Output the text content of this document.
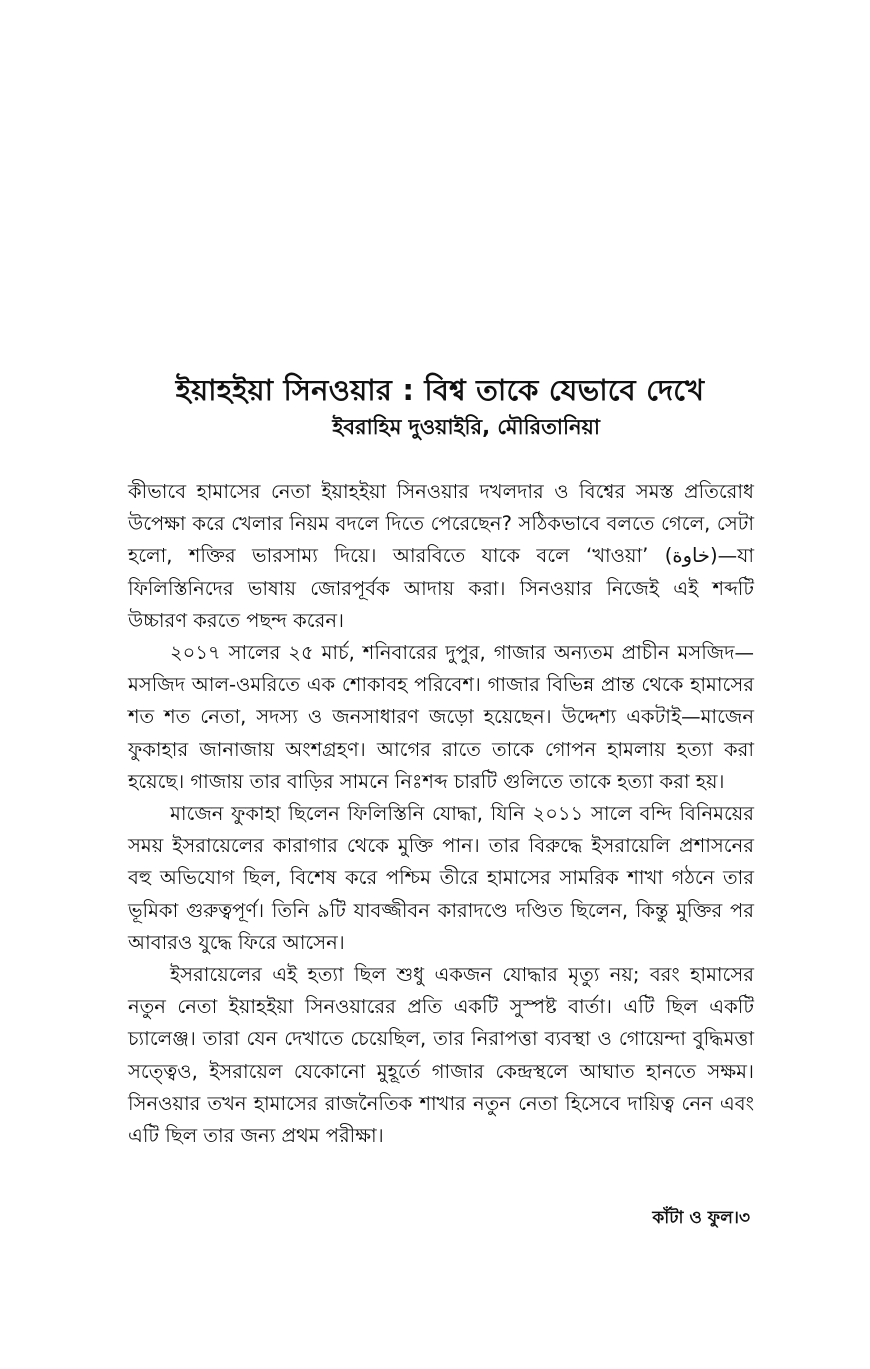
ইয়াহইয়া সিনওয়ার : বিশ্ব তাকে যেভাবে দেখে
ইবরাহিম দুওয়াইরি, মৌরিতানিয়া

কীভাবে হামাসের নেতা ইয়াহইয়া সিনওয়ার দখলদার ও বিশ্বের সমস্ত প্রতিরোধ উপেক্ষা করে খেলার নিয়ম বদলে দিতে পেরেছেন? সঠিকভাবে বলতে গেলে, সেটা হলো, শক্তির ভারসাম্য দিয়ে। আরবিতে যাকে বলে ‘খাওয়া’ (خاوة)—যা ফিলিস্তিনিদের ভাষায় জোরপূর্বক আদায় করা। সিনওয়ার নিজেই এই শব্দটি উচ্চারণ করতে পছন্দ করেন।

২০১৭ সালের ২৫ মার্চ, শনিবারের দুপুর, গাজার অন্যতম প্রাচীন মসজিদ—মসজিদ আল-ওমরিতে এক শোকাবহ পরিবেশ। গাজার বিভিন্ন প্রান্ত থেকে হামাসের শত শত নেতা, সদস্য ও জনসাধারণ জড়ো হয়েছেন। উদ্দেশ্য একটাই—মাজেন ফুকাহার জানাজায় অংশগ্রহণ। আগের রাতে তাকে গোপন হামলায় হত্যা করা হয়েছে। গাজায় তার বাড়ির সামনে নিঃশব্দ চারটি গুলিতে তাকে হত্যা করা হয়।

মাজেন ফুকাহা ছিলেন ফিলিস্তিনি যোদ্ধা, যিনি ২০১১ সালে বন্দি বিনিময়ের সময় ইসরায়েলের কারাগার থেকে মুক্তি পান। তার বিরুদ্ধে ইসরায়েলি প্রশাসনের বহু অভিযোগ ছিল, বিশেষ করে পশ্চিম তীরে হামাসের সামরিক শাখা গঠনে তার ভূমিকা গুরুত্বপূর্ণ। তিনি ৯টি যাবজ্জীবন কারাদণ্ডে দণ্ডিত ছিলেন, কিন্তু মুক্তির পর আবারও যুদ্ধে ফিরে আসেন।

ইসরায়েলের এই হত্যা ছিল শুধু একজন যোদ্ধার মৃত্যু নয়; বরং হামাসের নতুন নেতা ইয়াহইয়া সিনওয়ারের প্রতি একটি সুস্পষ্ট বার্তা। এটি ছিল একটি চ্যালেঞ্জ। তারা যেন দেখাতে চেয়েছিল, তার নিরাপত্তা ব্যবস্থা ও গোয়েন্দা বুদ্ধিমত্তা সত্ত্বেও, ইসরায়েল যেকোনো মুহূর্তে গাজার কেন্দ্রস্থলে আঘাত হানতে সক্ষম। সিনওয়ার তখন হামাসের রাজনৈতিক শাখার নতুন নেতা হিসেবে দায়িত্ব নেন এবং এটি ছিল তার জন্য প্রথম পরীক্ষা।

কাঁটা ও ফুল।৩
